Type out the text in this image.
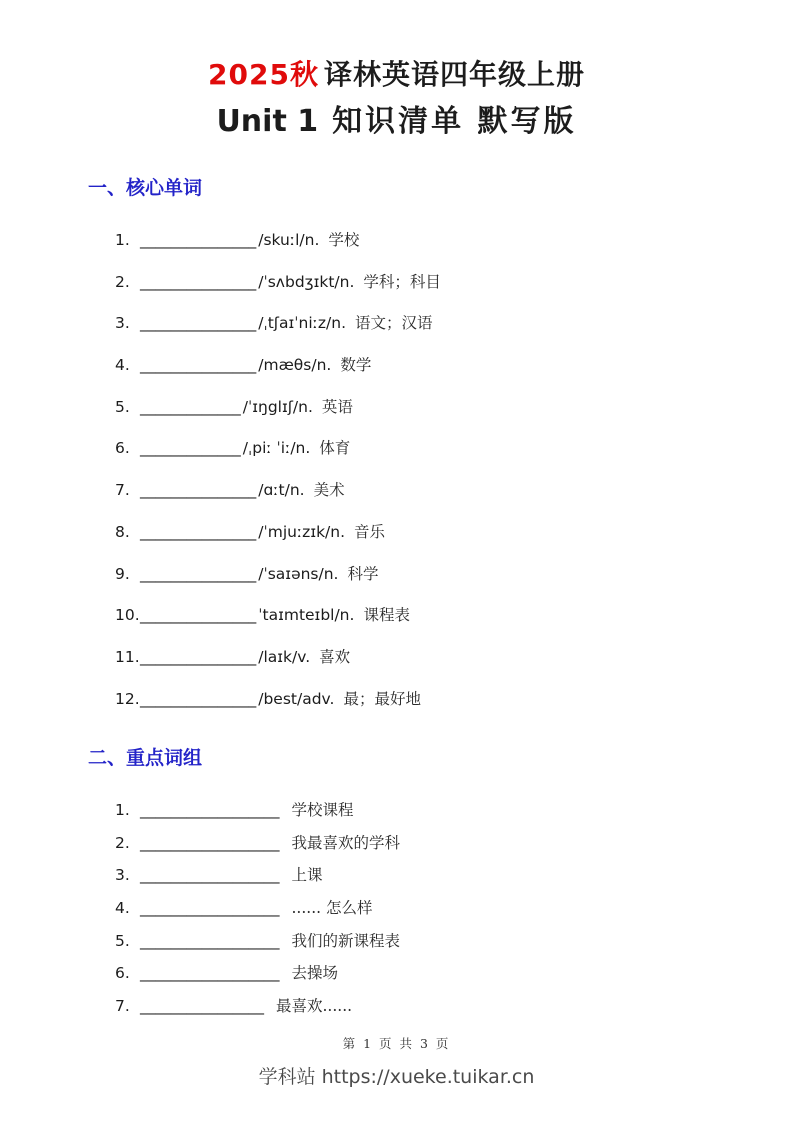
2025秋 译林英语四年级上册
Unit 1 知识清单 默写版
一、核心单词
1. _______________ /skuːl/n. 学校
2. _______________ /ˈsʌbdʒɪkt/n. 学科；科目
3. _______________ /ˌtʃaɪˈniːz/n. 语文；汉语
4. _______________ /mæθs/n. 数学
5. _____________ /ˈɪŋglɪʃ/n. 英语
6. _____________ /ˌpiː ˈiː/n. 体育
7. _______________ /ɑːt/n. 美术
8. _______________ /ˈmjuːzɪk/n. 音乐
9. _______________ /ˈsaɪəns/n. 科学
10._______________ ˈtaɪmteɪbl/n. 课程表
11._______________ /laɪk/v. 喜欢
12._______________ /best/adv. 最；最好地
二、重点词组
1. __________________ 学校课程
2. __________________ 我最喜欢的学科
3. __________________ 上课
4. __________________ ...... 怎么样
5. __________________ 我们的新课程表
6. __________________ 去操场
7. ________________ 最喜欢......
第 1 页 共 3 页
学科站 https://xueke.tuikar.cn
